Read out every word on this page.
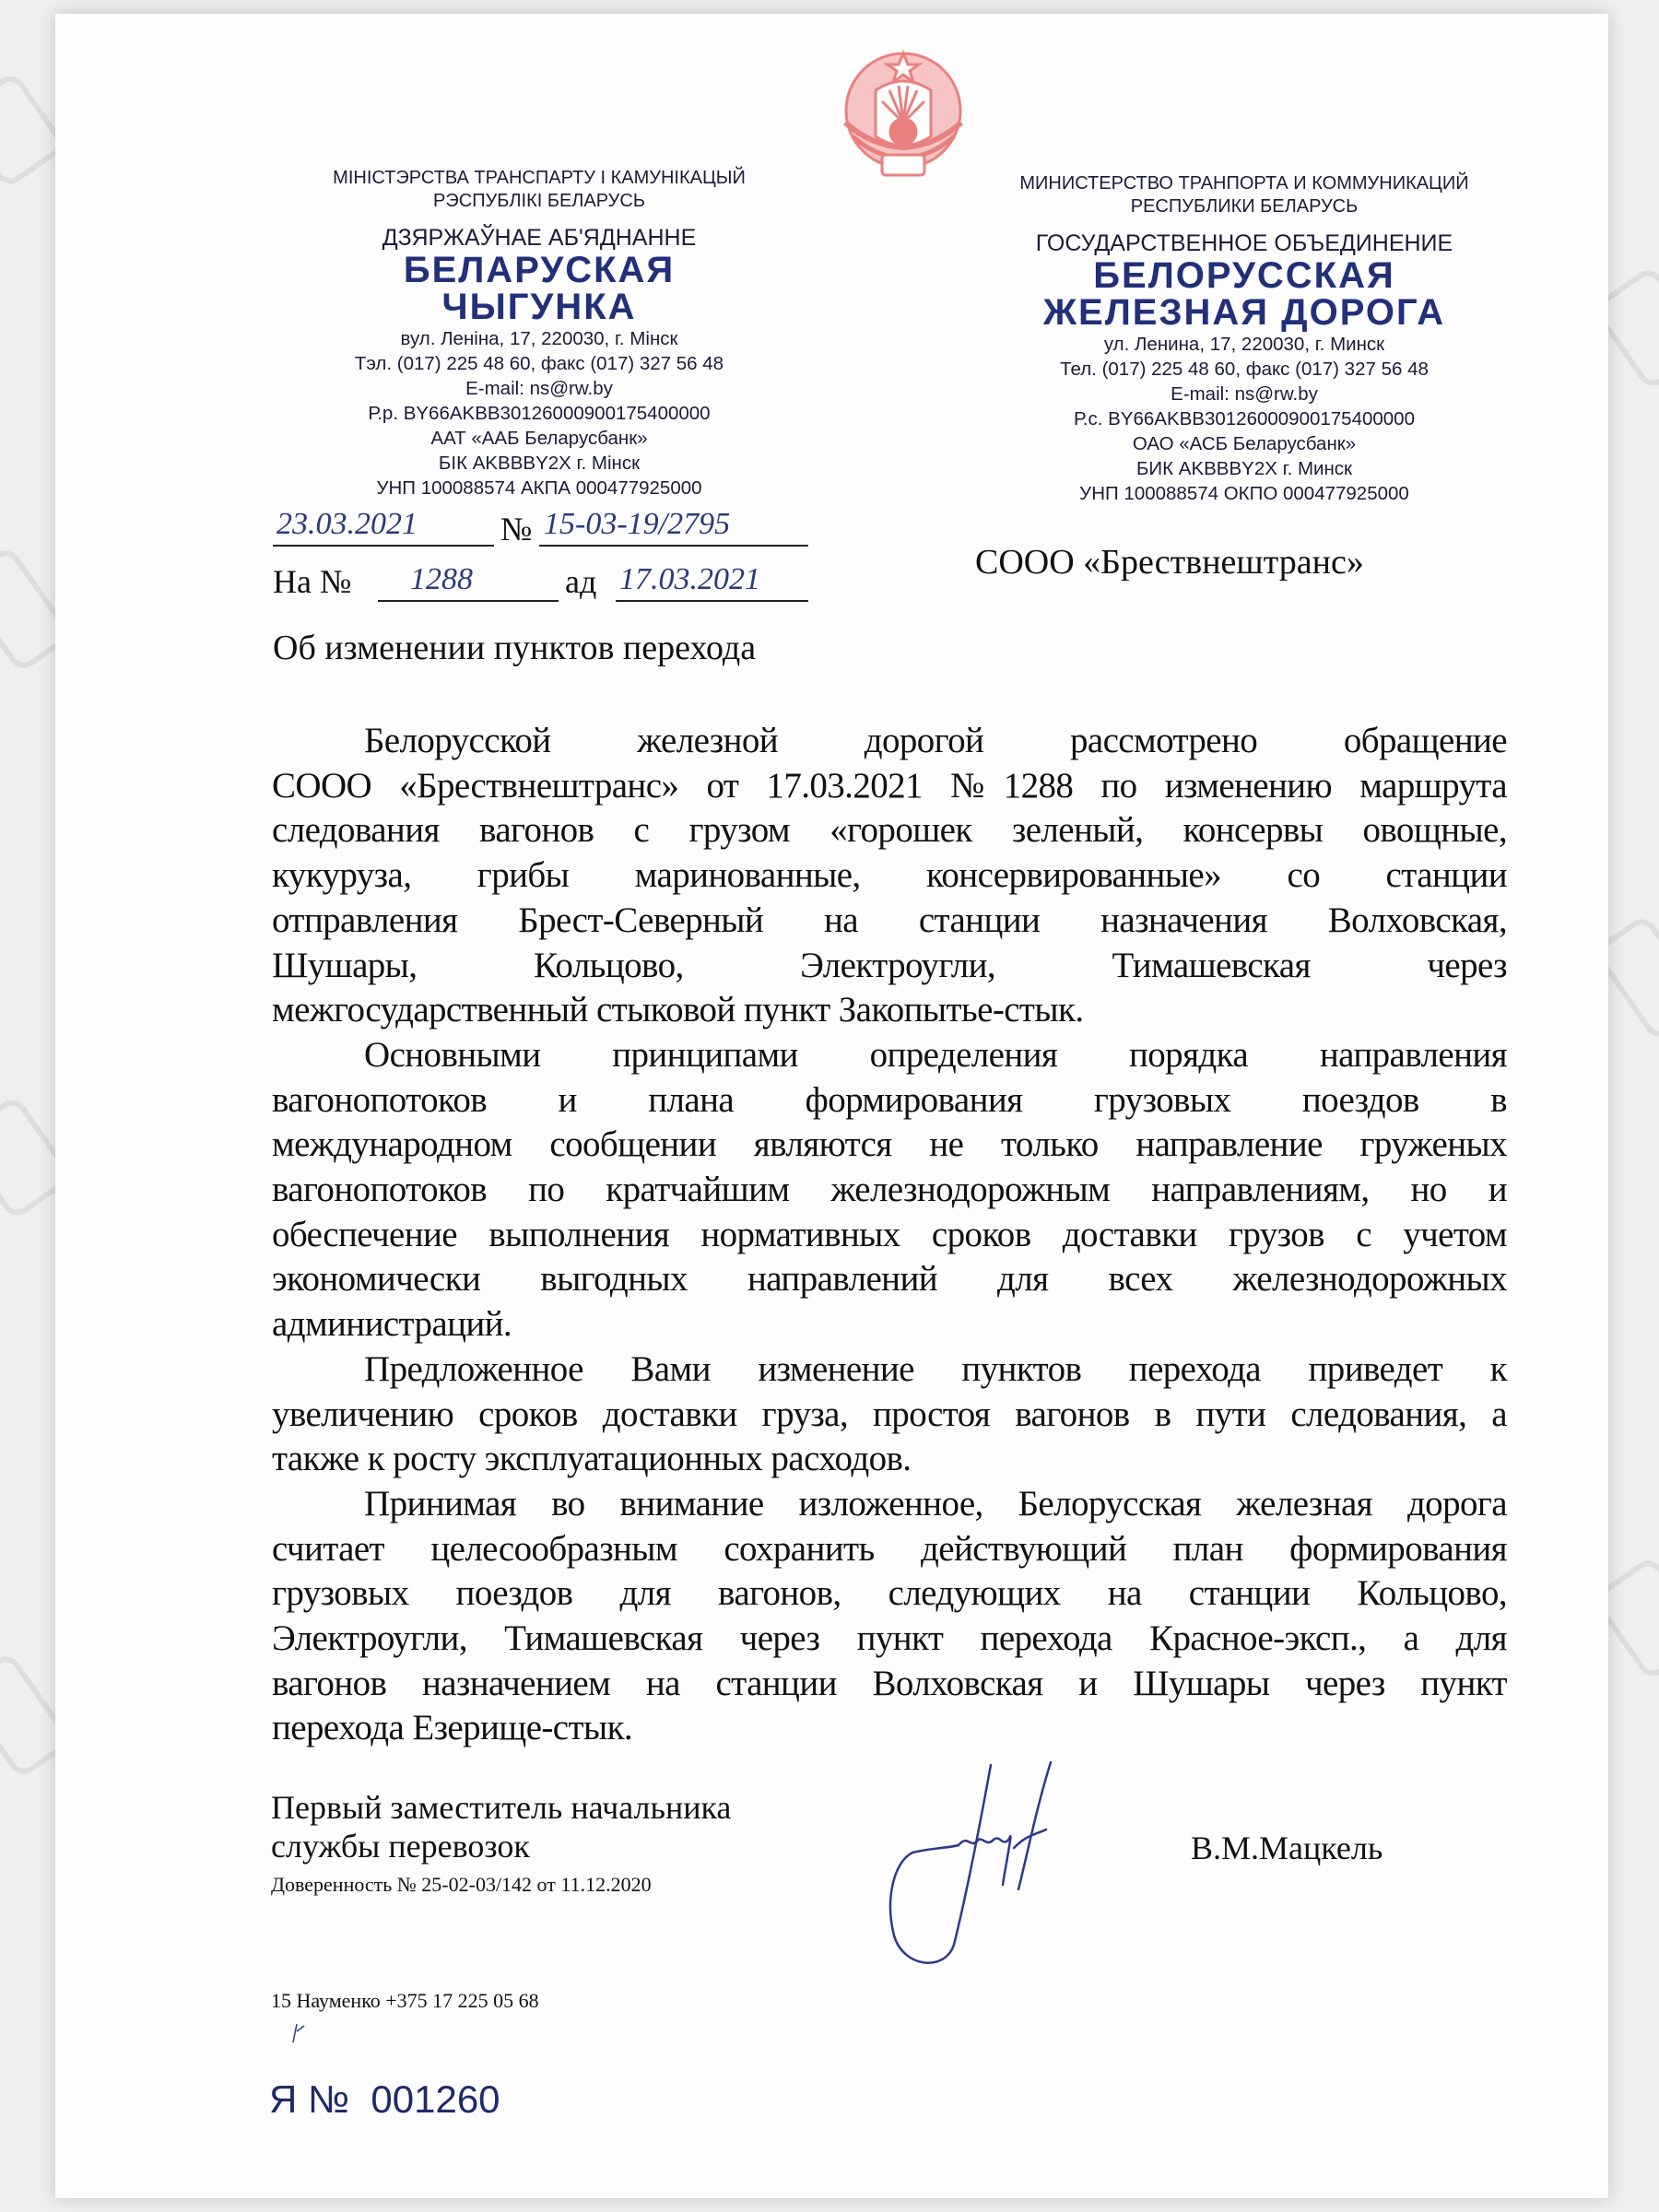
МІНІСТЭРСТВА ТРАНСПАРТУ І КАМУНІКАЦЫЙ
РЭСПУБЛІКІ БЕЛАРУСЬ
ДЗЯРЖАЎНАЕ АБ'ЯДНАННЕ
БЕЛАРУСКАЯ
ЧЫГУНКА
вул. Леніна, 17, 220030, г. Мінск
Тэл. (017) 225 48 60, факс (017) 327 56 48
E-mail: ns@rw.by
Р.р. BY66AKBB30126000900175400000
ААТ «ААБ Беларусбанк»
БІК AKBBBY2X г. Мінск
УНП 100088574 АКПА 000477925000
МИНИСТЕРСТВО ТРАНПОРТА И КОММУНИКАЦИЙ
РЕСПУБЛИКИ БЕЛАРУСЬ
ГОСУДАРСТВЕННОЕ ОБЪЕДИНЕНИЕ
БЕЛОРУССКАЯ
ЖЕЛЕЗНАЯ ДОРОГА
ул. Ленина, 17, 220030, г. Минск
Тел. (017) 225 48 60, факс (017) 327 56 48
E-mail: ns@rw.by
Р.с. BY66AKBB30126000900175400000
ОАО «АСБ Беларусбанк»
БИК AKBBBY2X г. Минск
УНП 100088574 ОКПО 000477925000
23.03.2021	№ 15-03-19/2795
На № 1288	ад 17.03.2021	СООО «Брествнештранс»
Об изменении пунктов перехода
Белорусской железной дорогой рассмотрено обращение
СООО «Брествнештранс» от 17.03.2021 №1288 по изменению маршрута
следования вагонов с грузом «горошек зеленый, консервы овощные,
кукуруза, грибы маринованные, консервированные» со станции
отправления Брест-Северный на станции назначения Волховская,
Шушары, Кольцово, Электроугли, Тимашевская через
межгосударственный стыковой пункт Закопытье-стык.
Основными принципами определения порядка направления
вагонопотоков и плана формирования грузовых поездов в
международном сообщении являются не только направление груженых
вагонопотоков по кратчайшим железнодорожным направлениям, но и
обеспечение выполнения нормативных сроков доставки грузов с учетом
экономически выгодных направлений для всех железнодорожных
администраций.
Предложенное Вами изменение пунктов перехода приведет к
увеличению сроков доставки груза, простоя вагонов в пути следования, а
также к росту эксплуатационных расходов.
Принимая во внимание изложенное, Белорусская железная дорога
считает целесообразным сохранить действующий план формирования
грузовых поездов для вагонов, следующих на станции Кольцово,
Электроугли, Тимашевская через пункт перехода Красное-эксп., а для
вагонов назначением на станции Волховская и Шушары через пункт
перехода Езерище-стык.
Первый заместитель начальника
службы перевозок
Доверенность № 25-02-03/142 от 11.12.2020
В.М.Мацкель
15 Науменко +375 17 225 05 68
Я №  001260
